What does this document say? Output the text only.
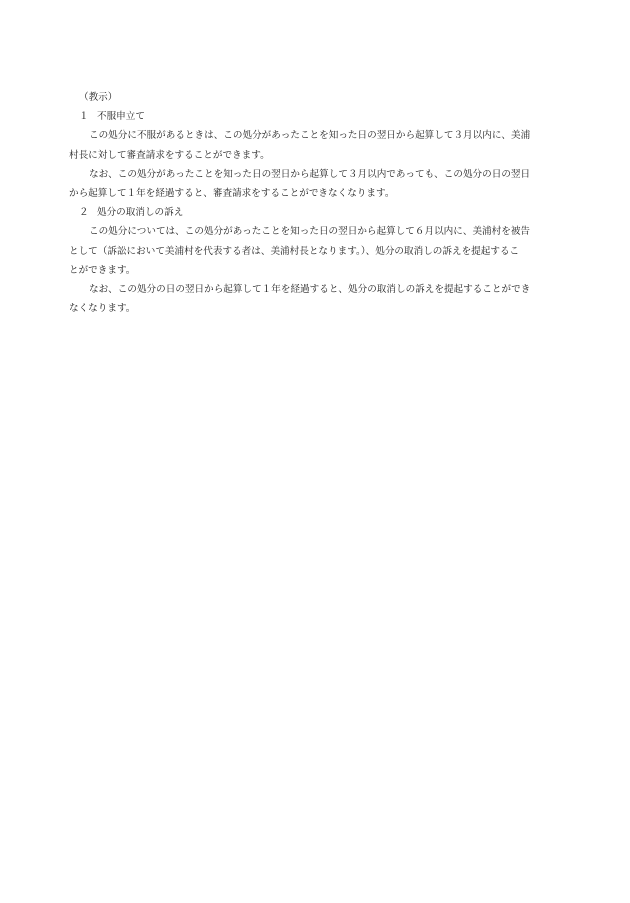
（教示）
１ 不服申立て
この処分に不服があるときは、この処分があったことを知った日の翌日から起算して３月以内に、美浦
村長に対して審査請求をすることができます。
なお、この処分があったことを知った日の翌日から起算して３月以内であっても、この処分の日の翌日
から起算して１年を経過すると、審査請求をすることができなくなります。
２ 処分の取消しの訴え
この処分については、この処分があったことを知った日の翌日から起算して６月以内に、美浦村を被告
として（訴訟において美浦村を代表する者は、美浦村長となります。）、処分の取消しの訴えを提起するこ
とができます。
なお、この処分の日の翌日から起算して１年を経過すると、処分の取消しの訴えを提起することができ
なくなります。
